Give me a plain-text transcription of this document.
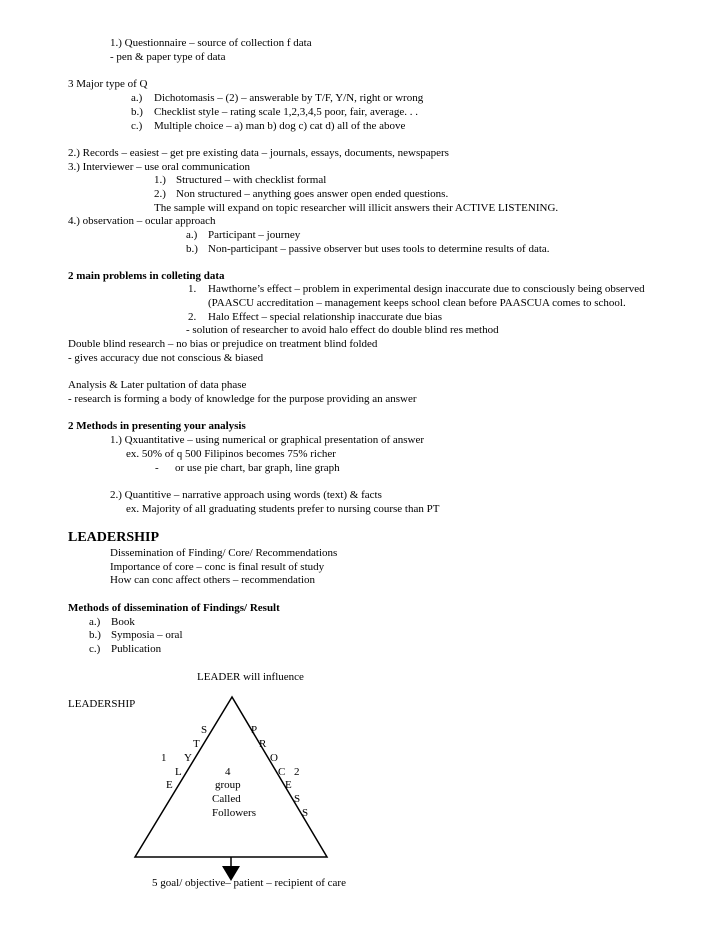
1.) Questionnaire – source of collection f data
- pen & paper type of data
3 Major type of Q
a.) Dichotomasis – (2) – answerable by T/F, Y/N, right or wrong
b.) Checklist style – rating scale 1,2,3,4,5 poor, fair, average. . .
c.) Multiple choice – a) man b) dog c) cat d) all of the above
2.) Records – easiest – get pre existing data – journals, essays, documents, newspapers
3.) Interviewer – use oral communication
1.) Structured – with checklist formal
2.) Non structured – anything goes answer open ended questions.
The sample will expand on topic researcher will illicit answers their ACTIVE LISTENING.
4.) observation – ocular approach
a.) Participant – journey
b.) Non-participant – passive observer but uses tools to determine results of data.
2 main problems in colleting data
1. Hawthorne’s effect – problem in experimental design inaccurate due to consciously being observed
(PAASCU accreditation – management keeps school clean before PAASCUA comes to school.
2. Halo Effect – special relationship inaccurate due bias
- solution of researcher to avoid halo effect do double blind res method
Double blind research – no bias or prejudice on treatment blind folded
- gives accuracy due not conscious & biased
Analysis & Later pultation of data phase
- research is forming a body of knowledge for the purpose providing an answer
2 Methods in presenting your analysis
1.) Qxuantitative – using numerical or graphical presentation of answer
ex. 50% of q 500 Filipinos becomes 75% richer
- or use pie chart, bar graph, line graph
2.) Quantitive – narrative approach using words (text) & facts
ex. Majority of all graduating students prefer to nursing course than PT
LEADERSHIP
Dissemination of Finding/ Core/ Recommendations
Importance of core – conc is final result of study
How can conc affect others – recommendation
Methods of dissemination of Findings/ Result
a.) Book
b.) Symposia – oral
c.) Publication
LEADER will influence
LEADERSHIP
S
T
1 Y
L
E
P
R
O
C 2
E
S
S
4
group
Called
Followers
5 goal/ objective– patient – recipient of care
